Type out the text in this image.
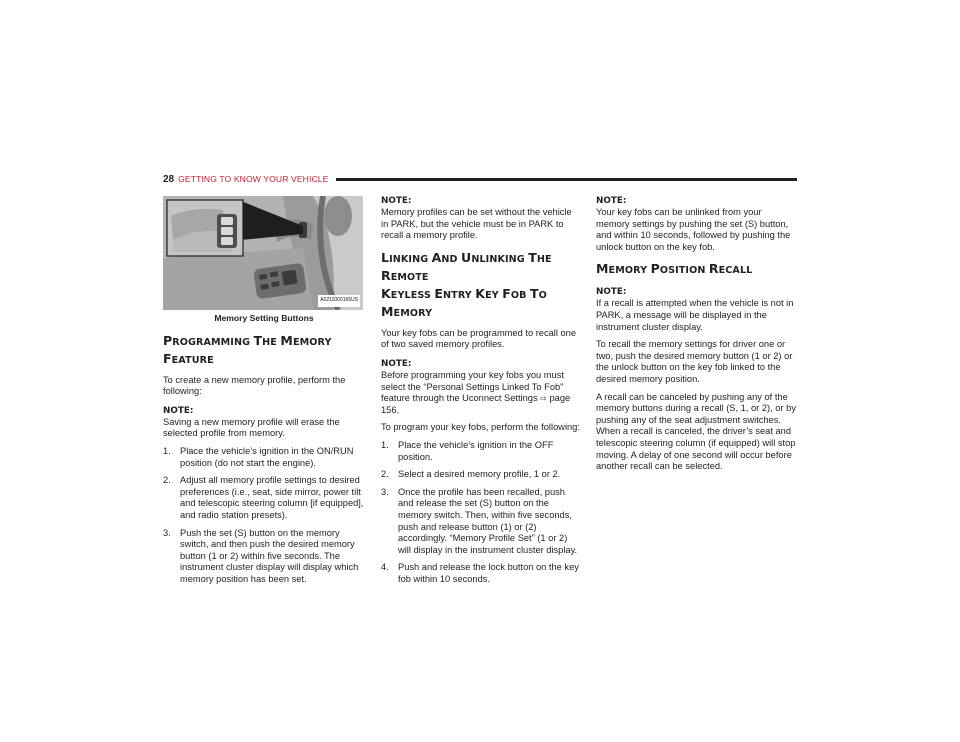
28 GETTING TO KNOW YOUR VEHICLE
A0211000165US
Memory Setting Buttons
PROGRAMMING THE MEMORY FEATURE

To create a new memory profile, perform the following:

NOTE:

Saving a new memory profile will erase the selected profile from memory.

1. Place the vehicle’s ignition in the ON/RUN position (do not start the engine).
2. Adjust all memory profile settings to desired preferences (i.e., seat, side mirror, power tilt and telescopic steering column [if equipped], and radio station presets).
3. Push the set (S) button on the memory switch, and then push the desired memory button (1 or 2) within five seconds. The instrument cluster display will display which memory position has been set.
NOTE:

Memory profiles can be set without the vehicle in PARK, but the vehicle must be in PARK to recall a memory profile.

LINKING AND UNLINKING THE REMOTE
KEYLESS ENTRY KEY FOB TO MEMORY

Your key fobs can be programmed to recall one of two saved memory profiles.

NOTE:

Before programming your key fobs you must select the “Personal Settings Linked To Fob” feature through the Uconnect Settings ⇨ page 156.

To program your key fobs, perform the following:

1. Place the vehicle’s ignition in the OFF position.
2. Select a desired memory profile, 1 or 2.
3. Once the profile has been recalled, push and release the set (S) button on the memory switch. Then, within five seconds, push and release button (1) or (2) accordingly. “Memory Profile Set” (1 or 2) will display in the instrument cluster display.
4. Push and release the lock button on the key fob within 10 seconds.
NOTE:

Your key fobs can be unlinked from your memory settings by pushing the set (S) button, and within 10 seconds, followed by pushing the unlock button on the key fob.

MEMORY POSITION RECALL
NOTE:

If a recall is attempted when the vehicle is not in PARK, a message will be displayed in the instrument cluster display.

To recall the memory settings for driver one or two, push the desired memory button (1 or 2) or the unlock button on the key fob linked to the desired memory position.

A recall can be canceled by pushing any of the memory buttons during a recall (S, 1, or 2), or by pushing any of the seat adjustment switches. When a recall is canceled, the driver’s seat and telescopic steering column (if equipped) will stop moving. A delay of one second will occur before another recall can be selected.
